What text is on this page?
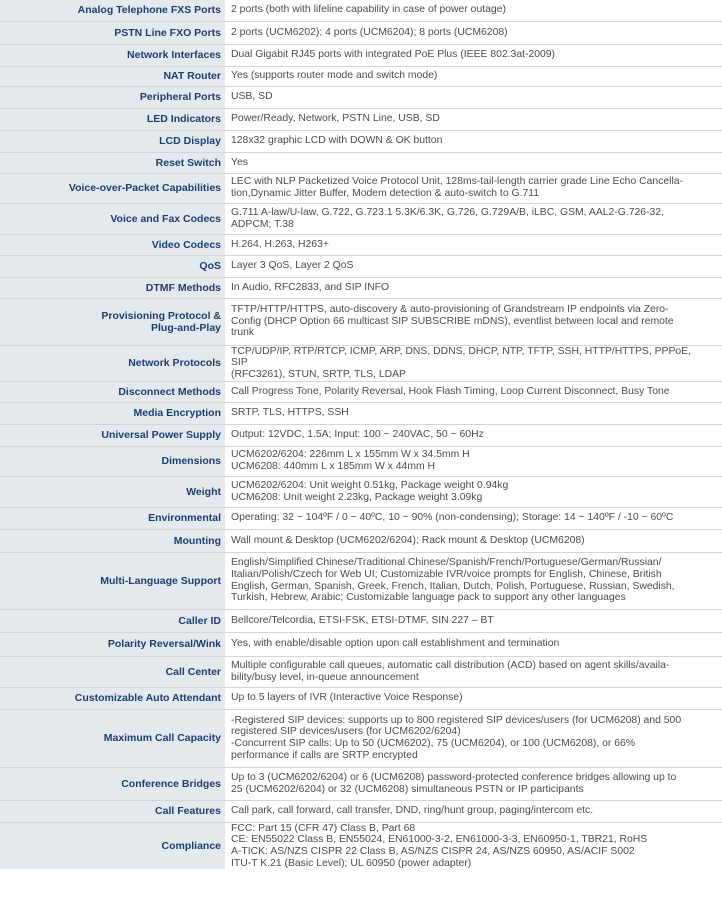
Analog Telephone FXS Ports	2 ports (both with lifeline capability in case of power outage)
PSTN Line FXO Ports	2 ports (UCM6202); 4 ports (UCM6204); 8 ports (UCM6208)
Network Interfaces	Dual Gigabit RJ45 ports with integrated PoE Plus (IEEE 802.3at-2009)
NAT Router	Yes (supports router mode and switch mode)
Peripheral Ports	USB, SD
LED Indicators	Power/Ready, Network, PSTN Line, USB, SD
LCD Display	128x32 graphic LCD with DOWN & OK button
Reset Switch	Yes
Voice-over-Packet Capabilities	LEC with NLP Packetized Voice Protocol Unit, 128ms-tail-length carrier grade Line Echo Cancella-
tion,Dynamic Jitter Buffer, Modem detection & auto-switch to G.711
Voice and Fax Codecs	G.711 A-law/U-law, G.722, G.723.1 5.3K/6.3K, G.726, G.729A/B, iLBC, GSM, AAL2-G.726-32,
ADPCM; T.38
Video Codecs	H.264, H.263, H263+
QoS	Layer 3 QoS, Layer 2 QoS
DTMF Methods	In Audio, RFC2833, and SIP INFO
Provisioning Protocol &
Plug-and-Play	TFTP/HTTP/HTTPS, auto-discovery & auto-provisioning of Grandstream IP endpoints via Zero-
Config (DHCP Option 66 multicast SIP SUBSCRIBE mDNS), eventlist between local and remote
trunk
Network Protocols	TCP/UDP/IP, RTP/RTCP, ICMP, ARP, DNS, DDNS, DHCP, NTP, TFTP, SSH, HTTP/HTTPS, PPPoE, SIP
(RFC3261), STUN, SRTP, TLS, LDAP
Disconnect Methods	Call Progress Tone, Polarity Reversal, Hook Flash Timing, Loop Current Disconnect, Busy Tone
Media Encryption	SRTP, TLS, HTTPS, SSH
Universal Power Supply	Output: 12VDC, 1.5A; Input: 100 ~ 240VAC, 50 ~ 60Hz
Dimensions	UCM6202/6204: 226mm L x 155mm W x 34.5mm H
UCM6208: 440mm L x 185mm W x 44mm H
Weight	UCM6202/6204: Unit weight 0.51kg, Package weight 0.94kg
UCM6208: Unit weight 2.23kg, Package weight 3.09kg
Environmental	Operating: 32 ~ 104ºF / 0 ~ 40ºC, 10 ~ 90% (non-condensing); Storage: 14 ~ 140ºF / -10 ~ 60ºC
Mounting	Wall mount & Desktop (UCM6202/6204); Rack mount & Desktop (UCM6208)
Multi-Language Support	English/Simplified Chinese/Traditional Chinese/Spanish/French/Portuguese/German/Russian/
Italian/Polish/Czech for Web UI; Customizable IVR/voice prompts for English, Chinese, British
English, German, Spanish, Greek, French, Italian, Dutch, Polish, Portuguese, Russian, Swedish,
Turkish, Hebrew, Arabic; Customizable language pack to support any other languages
Caller ID	Bellcore/Telcordia, ETSI-FSK, ETSI-DTMF, SIN 227 – BT
Polarity Reversal/Wink	Yes, with enable/disable option upon call establishment and termination
Call Center	Multiple configurable call queues, automatic call distribution (ACD) based on agent skills/availa-
bility/busy level, in-queue announcement
Customizable Auto Attendant	Up to 5 layers of IVR (Interactive Voice Response)
Maximum Call Capacity	-Registered SIP devices: supports up to 800 registered SIP devices/users (for UCM6208) and 500
registered SIP devices/users (for UCM6202/6204)
-Concurrent SIP calls: Up to 50 (UCM6202), 75 (UCM6204), or 100 (UCM6208), or 66%
performance if calls are SRTP encrypted
Conference Bridges	Up to 3 (UCM6202/6204) or 6 (UCM6208) password-protected conference bridges allowing up to
25 (UCM6202/6204) or 32 (UCM6208) simultaneous PSTN or IP participants
Call Features	Call park, call forward, call transfer, DND, ring/hunt group, paging/intercom etc.
Compliance	FCC: Part 15 (CFR 47) Class B, Part 68
CE: EN55022 Class B, EN55024, EN61000-3-2, EN61000-3-3, EN60950-1, TBR21, RoHS
A-TICK: AS/NZS CISPR 22 Class B, AS/NZS CISPR 24, AS/NZS 60950, AS/ACIF S002
ITU-T K.21 (Basic Level); UL 60950 (power adapter)
